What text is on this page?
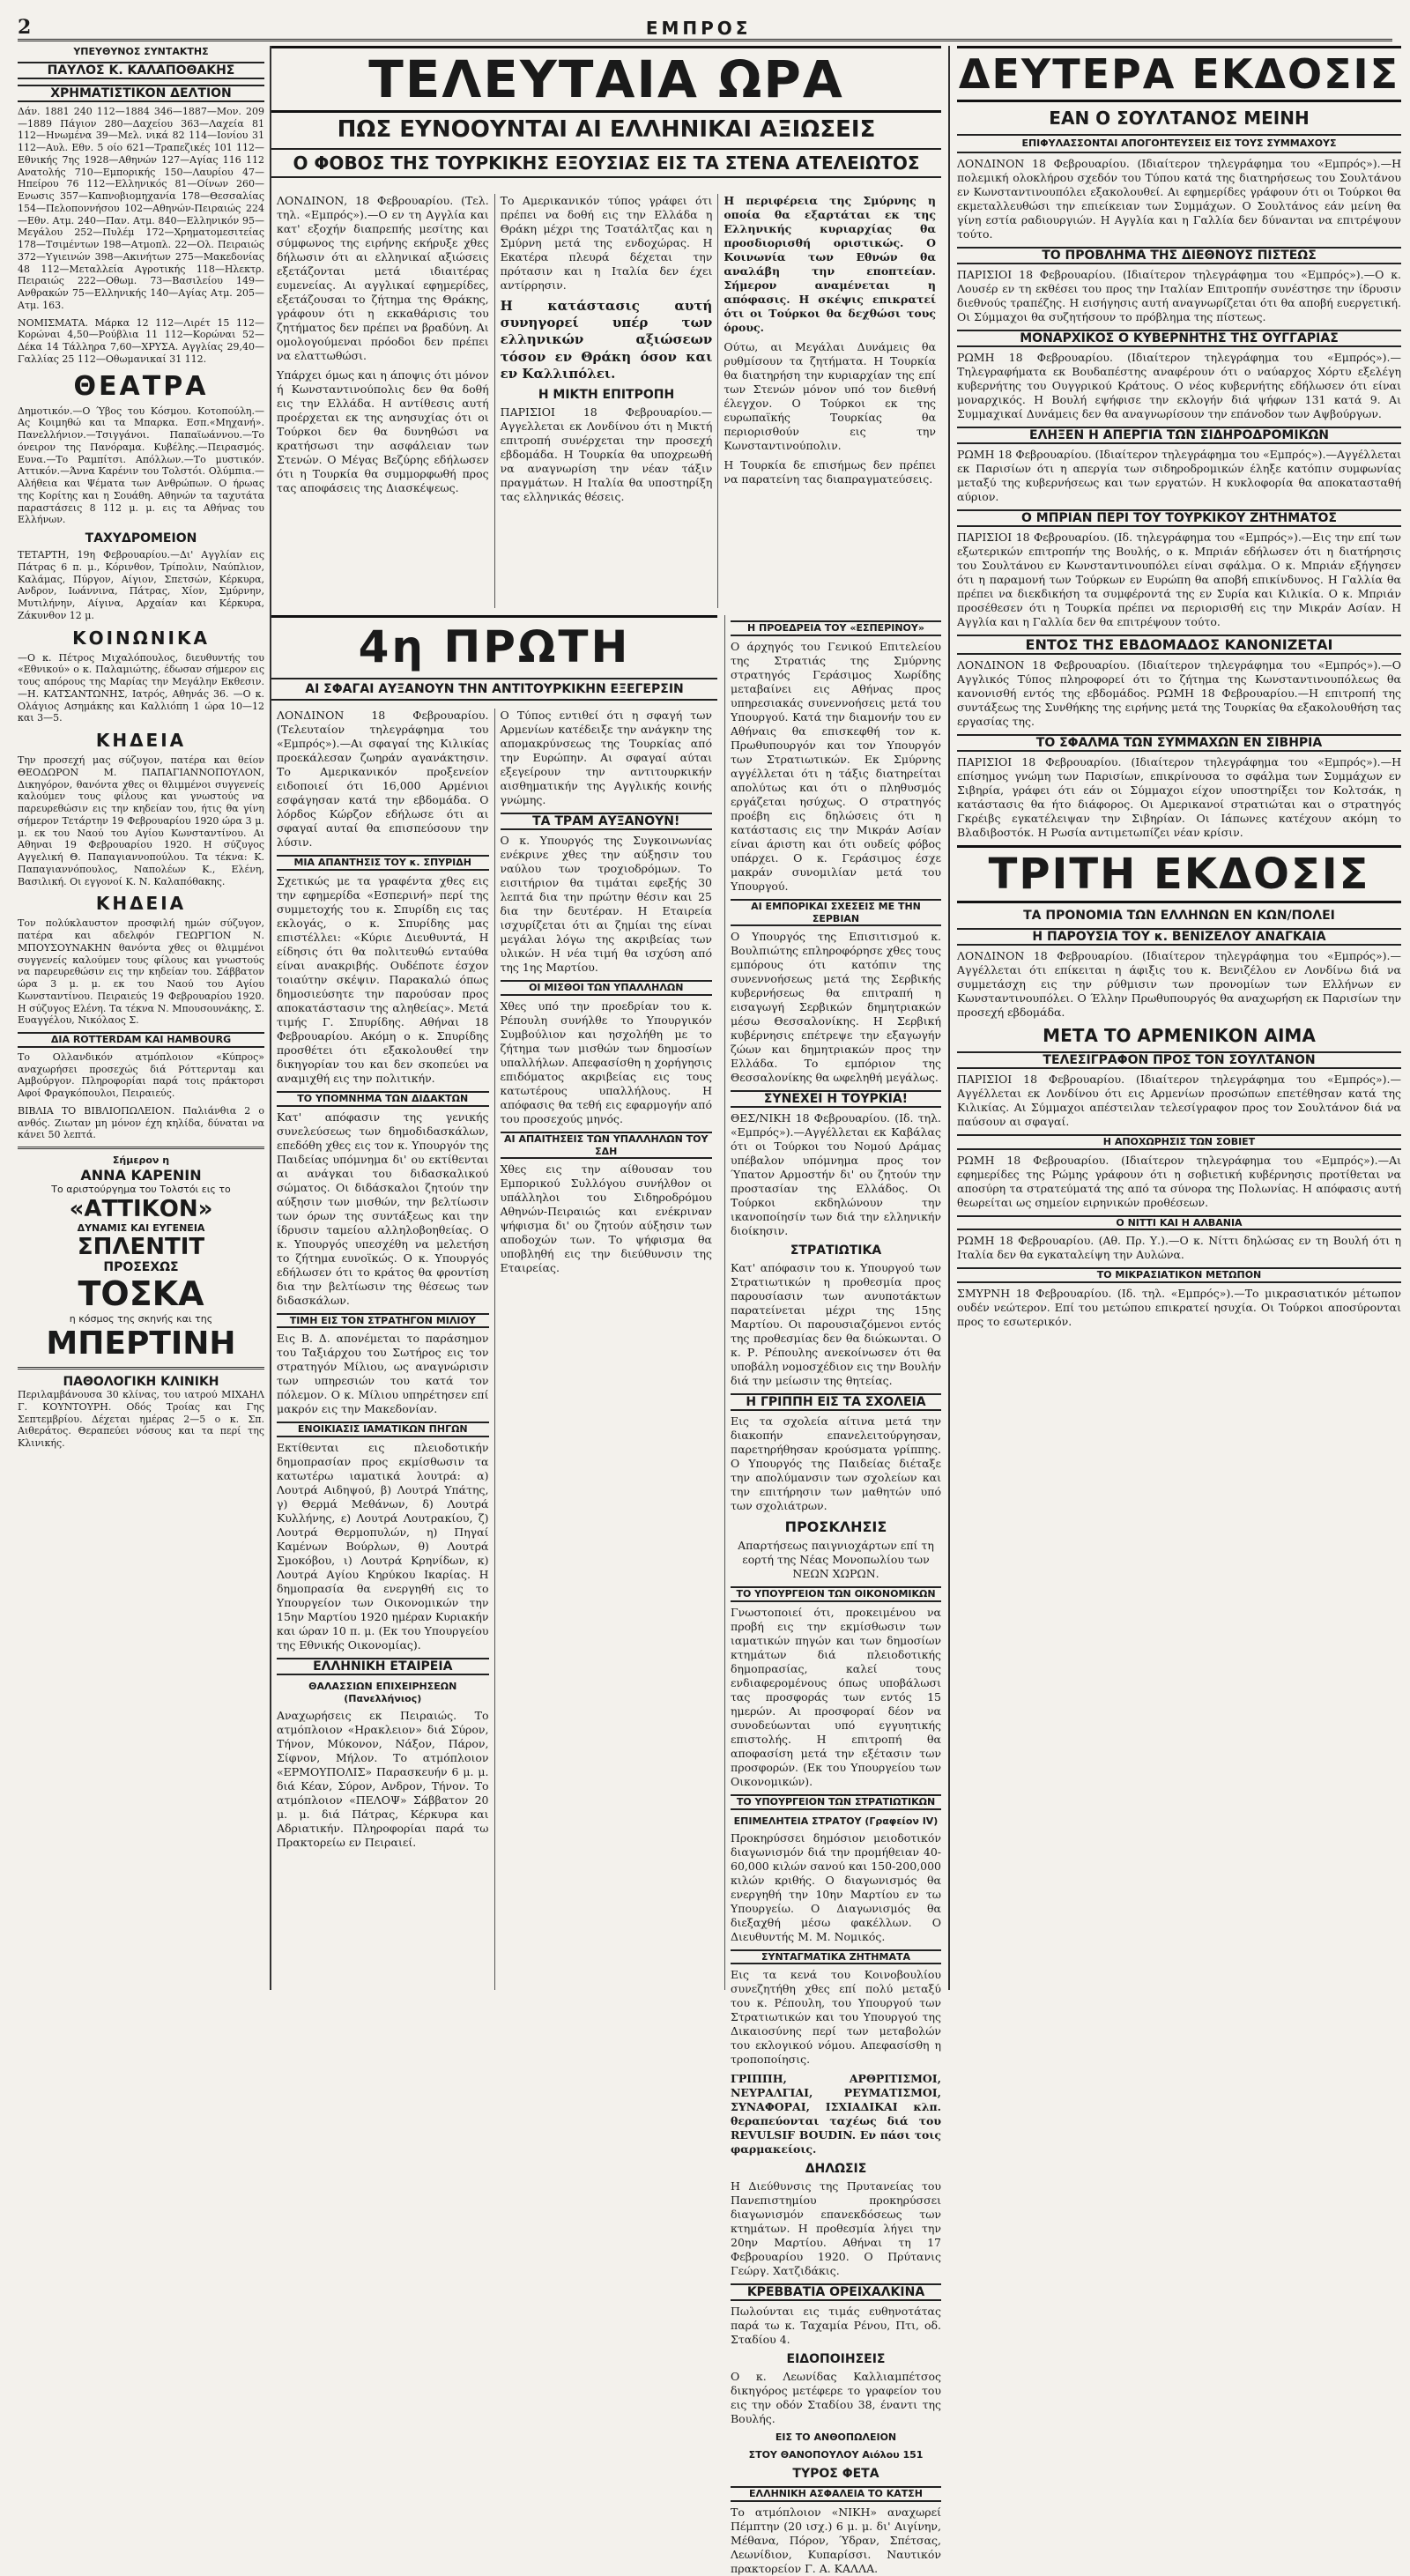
2	ΕΜΠΡΟΣ
ΥΠΕΥΘΥΝΟΣ ΣΥΝΤΑΚΤΗΣ
ΠΑΥΛΟΣ Κ. ΚΑΛΑΠΟΘΑΚΗΣ
ΧΡΗΜΑΤΙΣΤΙΚΟΝ ΔΕΛΤΙΟΝ

Δάν. 1881 240 112—1884 346—1887—Μον. 209—1889 Πάγιον 280—Δαχείου 363—Λαχεία 81 112—Ηνωμένα 39—Μελ. νικά 82 114—Ιονίου 31 112—Αυλ. Εθν. 5 οίο 621—Τραπεζικές 101 112—Εθνικής 7ης 1928—Αθηνών 127—Αγίας 116 112 Ανατολής 710—Εμπορικής 150—Λαυρίου 47—Ηπείρου 76 112—Ελληνικός 81—Οίνων 260—Ενωσις 357—Καπνοβιομηχανία 178—Θεσσαλίας 154—Πελοποννήσου 102—Αθηνών-Πειραιώς 224—Εθν. Ατμ. 240—Παν. Ατμ. 840—Ελληνικόν 95—Μεγάλου 252—Πυλέμ 172—Χρηματομεσιτείας 178—Τσιμέντων 198—Ατμοπλ. 22—Ολ. Πειραιώς 372—Υγιεινών 398—Ακινήτων 275—Μακεδονίας 48 112—Μεταλλεία Αγροτικής 118—Ηλεκτρ. Πειραιώς 222—Οθωμ. 73—Βασιλείου 149—Ανθρακών 75—Ελληνικής 140—Αγίας Ατμ. 205—Ατμ. 163.

ΝΟΜΙΣΜΑΤΑ. Μάρκα 12 112—Λιρέτ 15 112—Κορώναι 4,50—Ρούβλια 11 112—Κορώναι 52—Δέκα 14 Τάλληρα 7,60—ΧΡΥΣΑ. Αγγλίας 29,40—Γαλλίας 25 112—Οθωμανικαί 31 112.

ΘΕΑΤΡΑ

Δημοτικόν.—Ο Ύβος του Κόσμου. Κοτοπούλη.—Ας Κοιμηθώ και τα Μπαρκα. Εσπ.«Μηχανή». Πανελλήνιον.—Τσιγγάνοι. Παπαϊωάννου.—Το όνειρον της Πανόραμα. Κυβέλης.—Πειρασμός. Ευνα.—Το Ραμπίτσι. Απόλλων.—Το μυστικόν. Αττικόν.—Άννα Καρένιν του Τολστόι. Ολύμπια.—Αλήθεια και Ψέματα των Ανθρώπων. Ο ήρωας της Κορίτης και η Σουάθη. Αθηνών τα ταχυτάτα παραστάσεις 8 112 μ. μ. εις τα Αθήνας του Ελλήνων.

ΤΑΧΥΔΡΟΜΕΙΟΝ

ΤΕΤΑΡΤΗ, 19η Φεβρουαρίου.—Δι' Αγγλίαν εις Πάτρας 6 π. μ., Κόρινθον, Τρίπολιν, Ναύπλιον, Καλάμας, Πύργον, Αίγιον, Σπετσών, Κέρκυρα, Ανδρον, Ιωάννινα, Πάτρας, Χίον, Σμύρνην, Μυτιλήνην, Αίγινα, Αρχαίαν και Κέρκυρα, Ζάκυνθον 12 μ.

ΚΟΙΝΩΝΙΚΑ

—Ο κ. Πέτρος Μιχαλόπουλος, διευθυντής του «Εθνικού» ο κ. Παλαμιώτης, έδωσαν σήμερον εις τους απόρους της Μαρίας την Μεγάλην Εκθεσιν. —Η. ΚΑΤΣΑΝΤΩΝΗΣ, Ιατρός, Αθηνάς 36. —Ο κ. Ολάγιος Ασημάκης και Καλλιόπη 1 ώρα 10—12 και 3—5.

ΚΗΔΕΙΑ

Την προσεχή μας σύζυγον, πατέρα και θείον ΘΕΟΔΩΡΟΝ Μ. ΠΑΠΑΓΙΑΝΝΟΠΟΥΛΟΝ, Δικηγόρον, θανόντα χθες οι θλιμμένοι συγγενείς καλούμεν τους φίλους και γνωστούς να παρευρεθώσιν εις την κηδείαν του, ήτις θα γίνη σήμερον Τετάρτην 19 Φεβρουαρίου 1920 ώρα 3 μ. μ. εκ του Ναού του Αγίου Κωνσταντίνου. Αι Αθηναι 19 Φεβρουαρίου 1920. Η σύζυγος Αγγελική Θ. Παπαγιαννοπούλου. Τα τέκνα: Κ. Παπαγιαννόπουλος, Ναπολέων Κ., Ελένη, Βασιλική. Οι εγγονοί Κ. Ν. Καλαπόθακης.

ΚΗΔΕΙΑ

Τον πολύκλαυστον προσφιλή ημών σύζυγον, πατέρα και αδελφόν ΓΕΩΡΓΙΟΝ Ν. ΜΠΟΥΣΟΥΝΑΚΗΝ θανόντα χθες οι θλιμμένοι συγγενείς καλούμεν τους φίλους και γνωστούς να παρευρεθώσιν εις την κηδείαν του. Σάββατον ώρα 3 μ. μ. εκ του Ναού του Αγίου Κωνσταντίνου. Πειραιεύς 19 Φεβρουαρίου 1920. Η σύζυγος Ελένη. Τα τέκνα Ν. Μπουσουνάκης, Σ. Ευαγγέλου, Νικόλαος Σ.

ΔΙΑ ROTTERDAM ΚΑΙ HAMBOURG

Το Ολλανδικόν ατμόπλοιον «Κύπρος» αναχωρήσει προσεχώς διά Ρόττερνταμ και Αμβούργον. Πληροφορίαι παρά τοις πράκτορσι Αφοί Φραγκόπουλοι, Πειραιεύς.

ΒΙΒΛΙΑ ΤΟ ΒΙΒΛΙΟΠΩΛΕΙΟΝ. Παλιάνθια 2 ο ανθός. Ζιωταν μη μόνον έχη κηλίδα, δύναται να κάνει 50 λεπτά.

Σήμερον η
ΑΝΝΑ ΚΑΡΕΝΙΝ
Το αριστούργημα του Τολστόι εις το
«ΑΤΤΙΚΟΝ»
ΔΥΝΑΜΙΣ ΚΑΙ ΕΥΓΕΝΕΙΑ
ΣΠΛΕΝΤΙΤ
ΠΡΟΣΕΧΩΣ
ΤΟΣΚΑ
η κόσμος της σκηνής και της
ΜΠΕΡΤΙΝΗ
ΠΑΘΟΛΟΓΙΚΗ ΚΛΙΝΙΚΗ

Περιλαμβάνουσα 30 κλίνας, του ιατρού ΜΙΧΑΗΛ Γ. ΚΟΥΝΤΟΥΡΗ. Οδός Τροίας και Γης Σεπτεμβρίου. Δέχεται ημέρας 2—5 ο κ. Σπ. Αιθεράτος. Θεραπεύει νόσους και τα περί της Κλινικής.

ΤΕΛΕΥΤΑΙΑ ΩΡΑ
ΠΩΣ ΕΥΝΟΟΥΝΤΑΙ ΑΙ ΕΛΛΗΝΙΚΑΙ ΑΞΙΩΣΕΙΣ
Ο ΦΟΒΟΣ ΤΗΣ ΤΟΥΡΚΙΚΗΣ ΕΞΟΥΣΙΑΣ ΕΙΣ ΤΑ ΣΤΕΝΑ ΑΤΕΛΕΙΩΤΟΣ

ΛΟΝΔΙΝΟΝ, 18 Φεβρουαρίου. (Τελ. τηλ. «Εμπρός»).—Ο εν τη Αγγλία και κατ' εξοχήν διαπρεπής μεσίτης και σύμφωνος της ειρήνης εκήρυξε χθες δήλωσιν ότι αι ελληνικαί αξιώσεις εξετάζονται μετά ιδιαιτέρας ευμενείας. Αι αγγλικαί εφημερίδες, εξετάζουσαι το ζήτημα της Θράκης, γράφουν ότι η εκκαθάρισις του ζητήματος δεν πρέπει να βραδύνη. Αι ομολογούμεναι πρόοδοι δεν πρέπει να ελαττωθώσι.

Υπάρχει όμως και η άποψις ότι μόνον ή Κωνσταντινούπολις δεν θα δοθή εις την Ελλάδα. Η αντίθεσις αυτή προέρχεται εκ της ανησυχίας ότι οι Τούρκοι δεν θα δυνηθώσι να κρατήσωσι την ασφάλειαν των Στενών. Ο Μέγας Βεζύρης εδήλωσεν ότι η Τουρκία θα συμμορφωθή προς τας αποφάσεις της Διασκέψεως.

Το Αμερικανικόν τύπος γράφει ότι πρέπει να δοθή εις την Ελλάδα η Θράκη μέχρι της Τσατάλτζας και η Σμύρνη μετά της ενδοχώρας. Η Εκατέρα πλευρά δέχεται την πρότασιν και η Ιταλία δεν έχει αντίρρησιν.

Η κατάστασις αυτή συνηγορεί υπέρ των ελληνικών αξιώσεων τόσον εν Θράκη όσον και εν Καλλιπόλει.

Η ΜΙΚΤΗ ΕΠΙΤΡΟΠΗ

ΠΑΡΙΣΙΟΙ 18 Φεβρουαρίου.—Αγγελλεται εκ Λονδίνου ότι η Μικτή επιτροπή συνέρχεται την προσεχή εβδομάδα. Η Τουρκία θα υποχρεωθή να αναγνωρίση την νέαν τάξιν πραγμάτων. Η Ιταλία θα υποστηρίξη τας ελληνικάς θέσεις.

Η περιφέρεια της Σμύρνης η οποία θα εξαρτάται εκ της Ελληνικής κυριαρχίας θα προσδιορισθή οριστικώς. Ο Κοινωνία των Εθνών θα αναλάβη την εποπτείαν. Σήμερον αναμένεται η απόφασις. Η σκέψις επικρατεί ότι οι Τούρκοι θα δεχθώσι τους όρους.

Ούτω, αι Μεγάλαι Δυνάμεις θα ρυθμίσουν τα ζητήματα. Η Τουρκία θα διατηρήση την κυριαρχίαν της επί των Στενών μόνον υπό τον διεθνή έλεγχον. Ο Τούρκοι εκ της ευρωπαϊκής Τουρκίας θα περιορισθούν εις την Κωνσταντινούπολιν.

Η Τουρκία δε επισήμως δεν πρέπει να παρατείνη τας διαπραγματεύσεις.

4η ΠΡΩΤΗ
ΑΙ ΣΦΑΓΑΙ ΑΥΞΑΝΟΥΝ ΤΗΝ ΑΝΤΙΤΟΥΡΚΙΚΗΝ ΕΞΕΓΕΡΣΙΝ

ΛΟΝΔΙΝΟΝ 18 Φεβρουαρίου. (Τελευταίον τηλεγράφημα του «Εμπρός»).—Αι σφαγαί της Κιλικίας προεκάλεσαν ζωηράν αγανάκτησιν. Το Αμερικανικόν προξενείον ειδοποιεί ότι 16,000 Αρμένιοι εσφάγησαν κατά την εβδομάδα. Ο λόρδος Κώρζον εδήλωσε ότι αι σφαγαί αυταί θα επισπεύσουν την λύσιν.

ΜΙΑ ΑΠΑΝΤΗΣΙΣ ΤΟΥ κ. ΣΠΥΡΙΔΗ

Σχετικώς με τα γραφέντα χθες εις την εφημερίδα «Εσπερινή» περί της συμμετοχής του κ. Σπυρίδη εις τας εκλογάς, ο κ. Σπυρίδης μας επιστέλλει: «Κύριε Διευθυντά, Η είδησις ότι θα πολιτευθώ ενταύθα είναι ανακριβής. Ουδέποτε έσχον τοιαύτην σκέψιν. Παρακαλώ όπως δημοσιεύσητε την παρούσαν προς αποκατάστασιν της αληθείας». Μετά τιμής Γ. Σπυρίδης. Αθήναι 18 Φεβρουαρίου. Ακόμη ο κ. Σπυρίδης προσθέτει ότι εξακολουθεί την δικηγορίαν του και δεν σκοπεύει να αναμιχθή εις την πολιτικήν.

ΤΟ ΥΠΟΜΝΗΜΑ ΤΩΝ ΔΙΔΑΚΤΩΝ

Κατ' απόφασιν της γενικής συνελεύσεως των δημοδιδασκάλων, επεδόθη χθες εις τον κ. Υπουργόν της Παιδείας υπόμνημα δι' ου εκτίθενται αι ανάγκαι του διδασκαλικού σώματος. Οι διδάσκαλοι ζητούν την αύξησιν των μισθών, την βελτίωσιν των όρων της συντάξεως και την ίδρυσιν ταμείου αλληλοβοηθείας. Ο κ. Υπουργός υπεσχέθη να μελετήση το ζήτημα ευνοϊκώς. Ο κ. Υπουργός εδήλωσεν ότι το κράτος θα φροντίση δια την βελτίωσιν της θέσεως των διδασκάλων.

ΤΙΜΗ ΕΙΣ ΤΟΝ ΣΤΡΑΤΗΓΟΝ ΜΙΛΙΟΥ

Εις Β. Δ. απονέμεται το παράσημον του Ταξιάρχου του Σωτήρος εις τον στρατηγόν Μίλιου, ως αναγνώρισιν των υπηρεσιών του κατά τον πόλεμον. Ο κ. Μίλιου υπηρέτησεν επί μακρόν εις την Μακεδονίαν.

ΕΝΟΙΚΙΑΣΙΣ ΙΑΜΑΤΙΚΩΝ ΠΗΓΩΝ

Εκτίθενται εις πλειοδοτικήν δημοπρασίαν προς εκμίσθωσιν τα κατωτέρω ιαματικά λουτρά: α) Λουτρά Αιδηψού, β) Λουτρά Υπάτης, γ) Θερμά Μεθάνων, δ) Λουτρά Κυλλήνης, ε) Λουτρά Λουτρακίου, ζ) Λουτρά Θερμοπυλών, η) Πηγαί Καμένων Βούρλων, θ) Λουτρά Σμοκόβου, ι) Λουτρά Κρηνίδων, κ) Λουτρά Αγίου Κηρύκου Ικαρίας. Η δημοπρασία θα ενεργηθή εις το Υπουργείον των Οικονομικών την 15ην Μαρτίου 1920 ημέραν Κυριακήν και ώραν 10 π. μ. (Εκ του Υπουργείου της Εθνικής Οικονομίας).

ΕΛΛΗΝΙΚΗ ΕΤΑΙΡΕΙΑ
ΘΑΛΑΣΣΙΩΝ ΕΠΙΧΕΙΡΗΣΕΩΝ (Πανελλήνιος)

Αναχωρήσεις εκ Πειραιώς. Το ατμόπλοιον «Ηρακλειον» διά Σύρον, Τήνον, Μύκονον, Νάξον, Πάρον, Σίφνον, Μήλον. Το ατμόπλοιον «ΕΡΜΟΥΠΟΛΙΣ» Παρασκευήν 6 μ. μ. διά Κέαν, Σύρον, Ανδρον, Τήνον. Το ατμόπλοιον «ΠΕΛΟΨ» Σάββατον 20 μ. μ. διά Πάτρας, Κέρκυρα και Αδριατικήν. Πληροφορίαι παρά τω Πρακτορείω εν Πειραιεί.

Ο Τύπος εντιθεί ότι η σφαγή των Αρμενίων κατέδειξε την ανάγκην της απομακρύνσεως της Τουρκίας από την Ευρώπην. Αι σφαγαί αύται εξεγείρουν την αντιτουρκικήν αισθηματικήν της Αγγλικής κοινής γνώμης.

ΤΑ ΤΡΑΜ ΑΥΞΑΝΟΥΝ!

Ο κ. Υπουργός της Συγκοινωνίας ενέκρινε χθες την αύξησιν του ναύλου των τροχιοδρόμων. Το εισιτήριον θα τιμάται εφεξής 30 λεπτά δια την πρώτην θέσιν και 25 δια την δευτέραν. Η Εταιρεία ισχυρίζεται ότι αι ζημίαι της είναι μεγάλαι λόγω της ακριβείας των υλικών. Η νέα τιμή θα ισχύση από της 1ης Μαρτίου.

ΟΙ ΜΙΣΘΟΙ ΤΩΝ ΥΠΑΛΛΗΛΩΝ

Χθες υπό την προεδρίαν του κ. Ρέπουλη συνήλθε το Υπουργικόν Συμβούλιον και ησχολήθη με το ζήτημα των μισθών των δημοσίων υπαλλήλων. Απεφασίσθη η χορήγησις επιδόματος ακριβείας εις τους κατωτέρους υπαλλήλους. Η απόφασις θα τεθή εις εφαρμογήν από του προσεχούς μηνός.

ΑΙ ΑΠΑΙΤΗΣΕΙΣ ΤΩΝ ΥΠΑΛΛΗΛΩΝ ΤΟΥ ΣΔΗ

Χθες εις την αίθουσαν του Εμπορικού Συλλόγου συνήλθον οι υπάλληλοι του Σιδηροδρόμου Αθηνών-Πειραιώς και ενέκριναν ψήφισμα δι' ου ζητούν αύξησιν των αποδοχών των. Το ψήφισμα θα υποβληθή εις την διεύθυνσιν της Εταιρείας.

Η ΠΡΟΕΔΡΕΙΑ ΤΟΥ «ΕΣΠΕΡΙΝΟΥ»

Ο άρχηγός του Γενικού Επιτελείου της Στρατιάς της Σμύρνης στρατηγός Γεράσιμος Χωρίδης μεταβαίνει εις Αθήνας προς υπηρεσιακάς συνεννοήσεις μετά του Υπουργού. Κατά την διαμονήν του εν Αθήναις θα επισκεφθή τον κ. Πρωθυπουργόν και τον Υπουργόν των Στρατιωτικών. Εκ Σμύρνης αγγέλλεται ότι η τάξις διατηρείται απολύτως και ότι ο πληθυσμός εργάζεται ησύχως. Ο στρατηγός προέβη εις δηλώσεις ότι η κατάστασις εις την Μικράν Ασίαν είναι άριστη και ότι ουδείς φόβος υπάρχει. Ο κ. Γεράσιμος έσχε μακράν συνομιλίαν μετά του Υπουργού.

ΑΙ ΕΜΠΟΡΙΚΑΙ ΣΧΕΣΕΙΣ ΜΕ ΤΗΝ ΣΕΡΒΙΑΝ

Ο Υπουργός της Επισιτισμού κ. Βουλπιώτης επληροφόρησε χθες τους εμπόρους ότι κατόπιν της συνεννοήσεως μετά της Σερβικής κυβερνήσεως θα επιτραπή η εισαγωγή Σερβικών δημητριακών μέσω Θεσσαλονίκης. Η Σερβική κυβέρνησις επέτρεψε την εξαγωγήν ζώων και δημητριακών προς την Ελλάδα. Το εμπόριον της Θεσσαλονίκης θα ωφεληθή μεγάλως.

ΣΥΝΕΧΕΙ Η ΤΟΥΡΚΙΑ!

ΘΕΣ/ΝΙΚΗ 18 Φεβρουαρίου. (Ιδ. τηλ. «Εμπρός»).—Αγγέλλεται εκ Καβάλας ότι οι Τούρκοι του Νομού Δράμας υπέβαλον υπόμνημα προς τον Ύπατον Αρμοστήν δι' ου ζητούν την προστασίαν της Ελλάδος. Οι Τούρκοι εκδηλώνουν την ικανοποίησίν των διά την ελληνικήν διοίκησιν.

ΣΤΡΑΤΙΩΤΙΚΑ

Κατ' απόφασιν του κ. Υπουργού των Στρατιωτικών η προθεσμία προς παρουσίασιν των ανυποτάκτων παρατείνεται μέχρι της 15ης Μαρτίου. Οι παρουσιαζόμενοι εντός της προθεσμίας δεν θα διώκωνται. Ο κ. Ρ. Ρέπουλης ανεκοίνωσεν ότι θα υποβάλη νομοσχέδιον εις την Βουλήν διά την μείωσιν της θητείας.

Η ΓΡΙΠΠΗ ΕΙΣ ΤΑ ΣΧΟΛΕΙΑ

Εις τα σχολεία αίτινα μετά την διακοπήν επανελειτούργησαν, παρετηρήθησαν κρούσματα γρίππης. Ο Υπουργός της Παιδείας διέταξε την απολύμανσιν των σχολείων και την επιτήρησιν των μαθητών υπό των σχολιάτρων.

ΠΡΟΣΚΛΗΣΙΣ

Απαρτήσεως παιγνιοχάρτων επί τη εορτή της Νέας Μονοπωλίου των ΝΕΩΝ ΧΩΡΩΝ.

ΤΟ ΥΠΟΥΡΓΕΙΟΝ ΤΩΝ ΟΙΚΟΝΟΜΙΚΩΝ

Γνωστοποιεί ότι, προκειμένου να προβή εις την εκμίσθωσιν των ιαματικών πηγών και των δημοσίων κτημάτων διά πλειοδοτικής δημοπρασίας, καλεί τους ενδιαφερομένους όπως υποβάλωσι τας προσφοράς των εντός 15 ημερών. Αι προσφοραί δέον να συνοδεύωνται υπό εγγυητικής επιστολής. Η επιτροπή θα αποφασίση μετά την εξέτασιν των προσφορών. (Εκ του Υπουργείου των Οικονομικών).

ΤΟ ΥΠΟΥΡΓΕΙΟΝ ΤΩΝ ΣΤΡΑΤΙΩΤΙΚΩΝ
ΕΠΙΜΕΛΗΤΕΙΑ ΣΤΡΑΤΟΥ (Γραφείον IV)

Προκηρύσσει δημόσιον μειοδοτικόν διαγωνισμόν διά την προμήθειαν 40-60,000 κιλών σανού και 150-200,000 κιλών κριθής. Ο διαγωνισμός θα ενεργηθή την 10ην Μαρτίου εν τω Υπουργείω. Ο Διαγωνισμός θα διεξαχθή μέσω φακέλλων. Ο Διευθυντής Μ. Μ. Νομικός.

ΣΥΝΤΑΓΜΑΤΙΚΑ ΖΗΤΗΜΑΤΑ

Εις τα κενά του Κοινοβουλίου συνεζητήθη χθες επί πολύ μεταξύ του κ. Ρέπουλη, του Υπουργού των Στρατιωτικών και του Υπουργού της Δικαιοσύνης περί των μεταβολών του εκλογικού νόμου. Απεφασίσθη η τροποποίησις.

ΓΡΙΠΠΗ, ΑΡΘΡΙΤΙΣΜΟΙ, ΝΕΥΡΑΛΓΙΑΙ, ΡΕΥΜΑΤΙΣΜΟΙ, ΣΥΝΑΦΟΡΑΙ, ΙΣΧΙΑΔΙΚΑΙ κλπ. θεραπεύονται ταχέως διά του REVULSIF BOUDIN. Εν πάσι τοις φαρμακείοις.

ΔΗΛΩΣΙΣ

Η Διεύθυνσις της Πρυτανείας του Πανεπιστημίου προκηρύσσει διαγωνισμόν επανεκδόσεως των κτημάτων. Η προθεσμία λήγει την 20ην Μαρτίου. Αθήναι τη 17 Φεβρουαρίου 1920. Ο Πρύτανις Γεώργ. Χατζιδάκις.

ΚΡΕΒΒΑΤΙΑ ΟΡΕΙΧΑΛΚΙΝΑ

Πωλούνται εις τιμάς ευθηνοτάτας παρά τω κ. Ταχαμία Ρένου, Πτι, οδ. Σταδίου 4.

ΕΙΔΟΠΟΙΗΣΕΙΣ

Ο κ. Λεωνίδας Καλλιαμπέτσος δικηγόρος μετέφερε το γραφείον του εις την οδόν Σταδίου 38, έναντι της Βουλής.

ΕΙΣ ΤΟ ΑΝΘΟΠΩΛΕΙΟΝ
ΣΤΟΥ ΘΑΝΟΠΟΥΛΟΥ Αιόλου 151
ΤΥΡΟΣ ΦΕΤΑ
ΕΛΛΗΝΙΚΗ ΑΣΦΑΛΕΙΑ ΤΟ ΚΑΤΣΗ

Το ατμόπλοιον «ΝΙΚΗ» αναχωρεί Πέμπτην (20 ισχ.) 6 μ. μ. δι' Αιγίνην, Μέθανα, Πόρον, Ύδραν, Σπέτσας, Λεωνίδιον, Κυπαρίσσι. Ναυτικόν πρακτορείον Γ. Α. ΚΑΛΛΑ.

ΔΕΥΤΕΡΑ ΕΚΔΟΣΙΣ
ΕΑΝ Ο ΣΟΥΛΤΑΝΟΣ ΜΕΙΝΗ
ΕΠΙΦΥΛΑΣΣΟΝΤΑΙ ΑΠΟΓΟΗΤΕΥΣΕΙΣ ΕΙΣ ΤΟΥΣ ΣΥΜΜΑΧΟΥΣ

ΛΟΝΔΙΝΟΝ 18 Φεβρουαρίου. (Ιδιαίτερον τηλεγράφημα του «Εμπρός»).—Η πολεμική ολοκλήρου σχεδόν του Τύπου κατά της διατηρήσεως του Σουλτάνου εν Κωνσταντινουπόλει εξακολουθεί. Αι εφημερίδες γράφουν ότι οι Τούρκοι θα εκμεταλλευθώσι την επιείκειαν των Συμμάχων. Ο Σουλτάνος εάν μείνη θα γίνη εστία ραδιουργιών. Η Αγγλία και η Γαλλία δεν δύνανται να επιτρέψουν τούτο.

ΤΟ ΠΡΟΒΛΗΜΑ ΤΗΣ ΔΙΕΘΝΟΥΣ ΠΙΣΤΕΩΣ

ΠΑΡΙΣΙΟΙ 18 Φεβρουαρίου. (Ιδιαίτερον τηλεγράφημα του «Εμπρός»).—Ο κ. Λουσέρ εν τη εκθέσει του προς την Ιταλίαν Επιτροπήν συνέστησε την ίδρυσιν διεθνούς τραπέζης. Η εισήγησις αυτή αναγνωρίζεται ότι θα αποβή ευεργετική. Οι Σύμμαχοι θα συζητήσουν το πρόβλημα της πίστεως.

ΜΟΝΑΡΧΙΚΟΣ Ο ΚΥΒΕΡΝΗΤΗΣ ΤΗΣ ΟΥΓΓΑΡΙΑΣ

ΡΩΜΗ 18 Φεβρουαρίου. (Ιδιαίτερον τηλεγράφημα του «Εμπρός»).—Τηλεγραφήματα εκ Βουδαπέστης αναφέρουν ότι ο ναύαρχος Χόρτυ εξελέγη κυβερνήτης του Ουγγρικού Κράτους. Ο νέος κυβερνήτης εδήλωσεν ότι είναι μοναρχικός. Η Βουλή εψήφισε την εκλογήν διά ψήφων 131 κατά 9. Αι Συμμαχικαί Δυνάμεις δεν θα αναγνωρίσουν την επάνοδον των Αψβούργων.

ΕΛΗΞΕΝ Η ΑΠΕΡΓΙΑ ΤΩΝ ΣΙΔΗΡΟΔΡΟΜΙΚΩΝ

ΡΩΜΗ 18 Φεβρουαρίου. (Ιδιαίτερον τηλεγράφημα του «Εμπρός»).—Αγγέλλεται εκ Παρισίων ότι η απεργία των σιδηροδρομικών έληξε κατόπιν συμφωνίας μεταξύ της κυβερνήσεως και των εργατών. Η κυκλοφορία θα αποκατασταθή αύριον.

Ο ΜΠΡΙΑΝ ΠΕΡΙ ΤΟΥ ΤΟΥΡΚΙΚΟΥ ΖΗΤΗΜΑΤΟΣ

ΠΑΡΙΣΙΟΙ 18 Φεβρουαρίου. (Ιδ. τηλεγράφημα του «Εμπρός»).—Εις την επί των εξωτερικών επιτροπήν της Βουλής, ο κ. Μπριάν εδήλωσεν ότι η διατήρησις του Σουλτάνου εν Κωνσταντινουπόλει είναι σφάλμα. Ο κ. Μπριάν εξήγησεν ότι η παραμονή των Τούρκων εν Ευρώπη θα αποβή επικίνδυνος. Η Γαλλία θα πρέπει να διεκδικήση τα συμφέροντά της εν Συρία και Κιλικία. Ο κ. Μπριάν προσέθεσεν ότι η Τουρκία πρέπει να περιορισθή εις την Μικράν Ασίαν. Η Αγγλία και η Γαλλία δεν θα επιτρέψουν τούτο.

ΕΝΤΟΣ ΤΗΣ ΕΒΔΟΜΑΔΟΣ ΚΑΝΟΝΙΖΕΤΑΙ

ΛΟΝΔΙΝΟΝ 18 Φεβρουαρίου. (Ιδιαίτερον τηλεγράφημα του «Εμπρός»).—Ο Αγγλικός Τύπος πληροφορεί ότι το ζήτημα της Κωνσταντινουπόλεως θα κανονισθή εντός της εβδομάδος. ΡΩΜΗ 18 Φεβρουαρίου.—Η επιτροπή της συντάξεως της Συνθήκης της ειρήνης μετά της Τουρκίας θα εξακολουθήση τας εργασίας της.

ΤΟ ΣΦΑΛΜΑ ΤΩΝ ΣΥΜΜΑΧΩΝ ΕΝ ΣΙΒΗΡΙΑ

ΠΑΡΙΣΙΟΙ 18 Φεβρουαρίου. (Ιδιαίτερον τηλεγράφημα του «Εμπρός»).—Η επίσημος γνώμη των Παρισίων, επικρίνουσα το σφάλμα των Συμμάχων εν Σιβηρία, γράφει ότι εάν οι Σύμμαχοι είχον υποστηρίξει τον Κολτσάκ, η κατάστασις θα ήτο διάφορος. Οι Αμερικανοί στρατιώται και ο στρατηγός Γκρέιβς εγκατέλειψαν την Σιβηρίαν. Οι Ιάπωνες κατέχουν ακόμη το Βλαδιβοστόκ. Η Ρωσία αντιμετωπίζει νέαν κρίσιν.

ΤΡΙΤΗ ΕΚΔΟΣΙΣ
ΤΑ ΠΡΟΝΟΜΙΑ ΤΩΝ ΕΛΛΗΝΩΝ ΕΝ ΚΩΝ/ΠΟΛΕΙ
Η ΠΑΡΟΥΣΙΑ ΤΟΥ κ. ΒΕΝΙΖΕΛΟΥ ΑΝΑΓΚΑΙΑ

ΛΟΝΔΙΝΟΝ 18 Φεβρουαρίου. (Ιδιαίτερον τηλεγράφημα του «Εμπρός»).—Αγγέλλεται ότι επίκειται η άφιξις του κ. Βενιζέλου εν Λονδίνω διά να συμμετάσχη εις την ρύθμισιν των προνομίων των Ελλήνων εν Κωνσταντινουπόλει. Ο Έλλην Πρωθυπουργός θα αναχωρήση εκ Παρισίων την προσεχή εβδομάδα.

ΜΕΤΑ ΤΟ ΑΡΜΕΝΙΚΟΝ ΑΙΜΑ
ΤΕΛΕΣΙΓΡΑΦΟΝ ΠΡΟΣ ΤΟΝ ΣΟΥΛΤΑΝΟΝ

ΠΑΡΙΣΙΟΙ 18 Φεβρουαρίου. (Ιδιαίτερον τηλεγράφημα του «Εμπρός»).—Αγγέλλεται εκ Λονδίνου ότι εις Αρμενίων προσώπων επετέθησαν κατά της Κιλικίας. Αι Σύμμαχοι απέστειλαν τελεσίγραφον προς τον Σουλτάνον διά να παύσουν αι σφαγαί.

Η ΑΠΟΧΩΡΗΣΙΣ ΤΩΝ ΣΟΒΙΕΤ

ΡΩΜΗ 18 Φεβρουαρίου. (Ιδιαίτερον τηλεγράφημα του «Εμπρός»).—Αι εφημερίδες της Ρώμης γράφουν ότι η σοβιετική κυβέρνησις προτίθεται να αποσύρη τα στρατεύματά της από τα σύνορα της Πολωνίας. Η απόφασις αυτή θεωρείται ως σημείον ειρηνικών προθέσεων.

Ο ΝΙΤΤΙ ΚΑΙ Η ΑΛΒΑΝΙΑ

ΡΩΜΗ 18 Φεβρουαρίου. (Αθ. Πρ. Υ.).—Ο κ. Νίττι δηλώσας εν τη Βουλή ότι η Ιταλία δεν θα εγκαταλείψη την Αυλώνα.

ΤΟ ΜΙΚΡΑΣΙΑΤΙΚΟΝ ΜΕΤΩΠΟΝ

ΣΜΥΡΝΗ 18 Φεβρουαρίου. (Ιδ. τηλ. «Εμπρός»).—Το μικρασιατικόν μέτωπον ουδέν νεώτερον. Επί του μετώπου επικρατεί ησυχία. Οι Τούρκοι αποσύρονται προς το εσωτερικόν.
